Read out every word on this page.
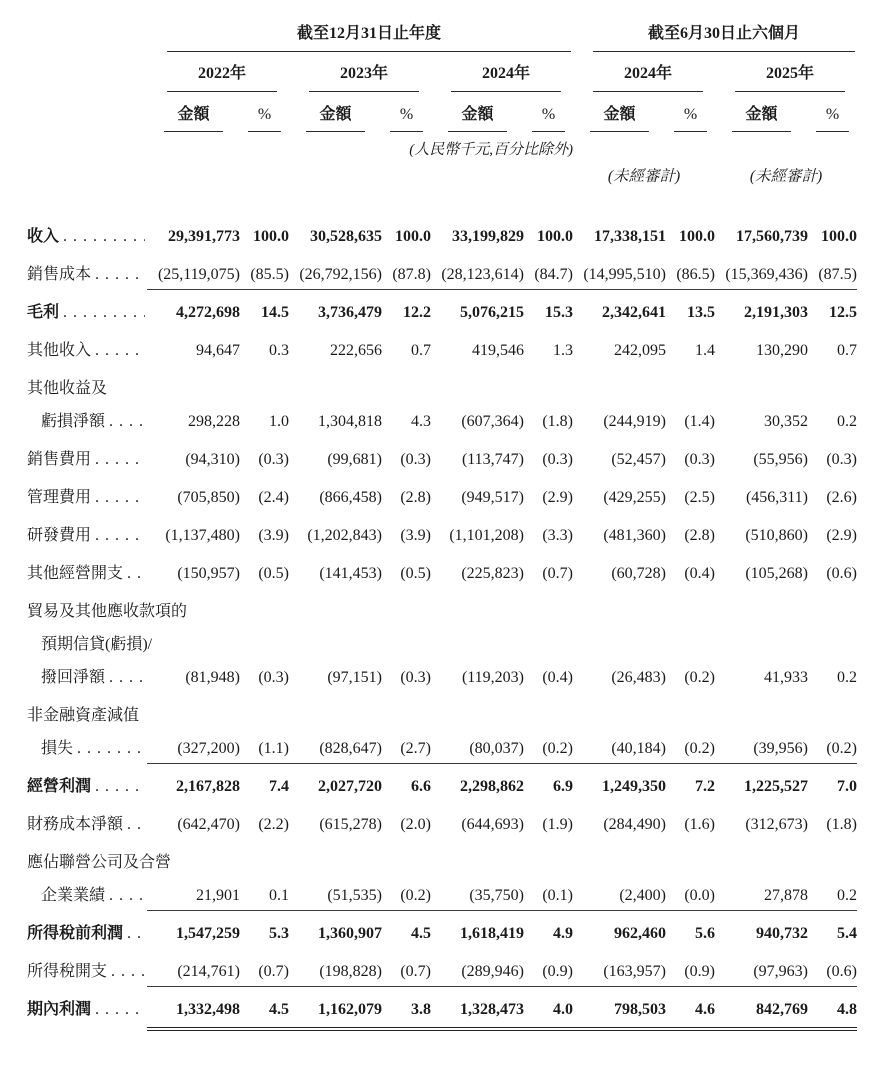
截至12月31日止年度	截至6月30日止六個月
2022年	2023年	2024年	2024年	2025年
金額	%	金額	%	金額	%	金額	%	金額	%
(人民幣千元,百分比除外)
(未經審計)	(未經審計)
收入 . . .	29,391,773 100.0	30,528,635 100.0	33,199,829 100.0	17,338,151 100.0	17,560,739 100.0
銷售成本 . . .	(25,119,075) (85.5) (26,792,156) (87.8) (28,123,614) (84.7) (14,995,510) (86.5) (15,369,436) (87.5)
毛利 . . .	4,272,698	14.5	3,736,479	12.2	5,076,215	15.3	2,342,641	13.5	2,191,303	12.5
其他收入 . . .	94,647	0.3	222,656	0.7	419,546	1.3	242,095	1.4	130,290	0.7
其他收益及
虧損淨額 . . .	298,228	1.0	1,304,818	4.3	(607,364)	(1.8)	(244,919)	(1.4)	30,352	0.2
銷售費用 . . .	(94,310)	(0.3)	(99,681)	(0.3)	(113,747)	(0.3)	(52,457)	(0.3)	(55,956)	(0.3)
管理費用 . . .	(705,850)	(2.4)	(866,458)	(2.8)	(949,517)	(2.9)	(429,255)	(2.5)	(456,311)	(2.6)
研發費用 . . .	(1,137,480)	(3.9)	(1,202,843)	(3.9)	(1,101,208)	(3.3)	(481,360)	(2.8)	(510,860)	(2.9)
其他經營開支 . . .	(150,957)	(0.5)	(141,453)	(0.5)	(225,823)	(0.7)	(60,728)	(0.4)	(105,268)	(0.6)
貿易及其他應收款項的
預期信貸(虧損)/
撥回淨額 . . .	(81,948)	(0.3)	(97,151)	(0.3)	(119,203)	(0.4)	(26,483)	(0.2)	41,933	0.2
非金融資產減值
損失 . . .	(327,200)	(1.1)	(828,647)	(2.7)	(80,037)	(0.2)	(40,184)	(0.2)	(39,956)	(0.2)
經營利潤 . . .	2,167,828	7.4	2,027,720	6.6	2,298,862	6.9	1,249,350	7.2	1,225,527	7.0
財務成本淨額 . . .	(642,470)	(2.2)	(615,278)	(2.0)	(644,693)	(1.9)	(284,490)	(1.6)	(312,673)	(1.8)
應佔聯營公司及合營
企業業績 . . .	21,901	0.1	(51,535)	(0.2)	(35,750)	(0.1)	(2,400)	(0.0)	27,878	0.2
所得稅前利潤 . . .	1,547,259	5.3	1,360,907	4.5	1,618,419	4.9	962,460	5.6	940,732	5.4
所得稅開支 . . .	(214,761)	(0.7)	(198,828)	(0.7)	(289,946)	(0.9)	(163,957)	(0.9)	(97,963)	(0.6)
期內利潤 . . .	1,332,498	4.5	1,162,079	3.8	1,328,473	4.0	798,503	4.6	842,769	4.8
